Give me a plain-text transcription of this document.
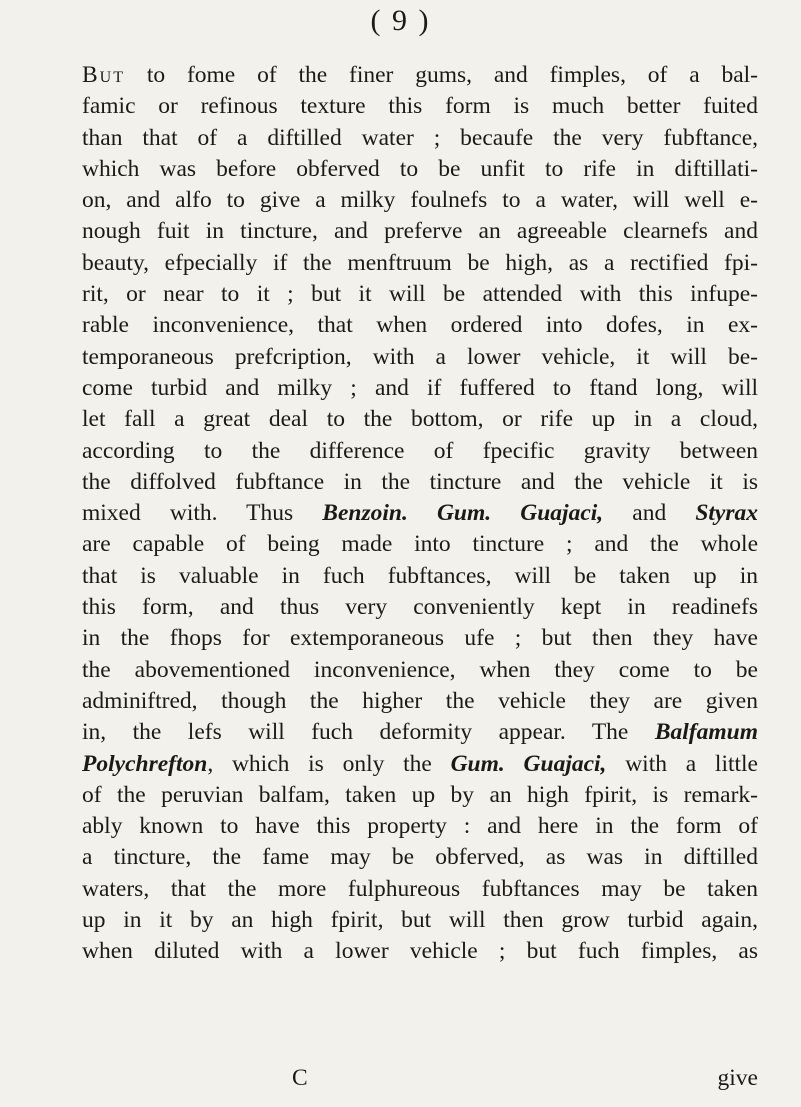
( 9 )
But to fome of the finer gums, and fimples, of a bal-
famic or refinous texture this form is much better fuited
than that of a diftilled water ; becaufe the very fubftance,
which was before obferved to be unfit to rife in diftillati-
on, and alfo to give a milky foulnefs to a water, will well e-
nough fuit in tincture, and preferve an agreeable clearnefs and
beauty, efpecially if the menftruum be high, as a rectified fpi-
rit, or near to it ; but it will be attended with this infupe-
rable inconvenience, that when ordered into dofes, in ex-
temporaneous prefcription, with a lower vehicle, it will be-
come turbid and milky ; and if fuffered to ftand long, will
let fall a great deal to the bottom, or rife up in a cloud,
according to the difference of fpecific gravity between
the diffolved fubftance in the tincture and the vehicle it is
mixed with. Thus Benzoin. Gum. Guajaci, and Styrax
are capable of being made into tincture ; and the whole
that is valuable in fuch fubftances, will be taken up in
this form, and thus very conveniently kept in readinefs
in the fhops for extemporaneous ufe ; but then they have
the abovementioned inconvenience, when they come to be
adminiftred, though the higher the vehicle they are given
in, the lefs will fuch deformity appear. The Balfamum
Polychrefton, which is only the Gum. Guajaci, with a little
of the peruvian balfam, taken up by an high fpirit, is remark-
ably known to have this property : and here in the form of
a tincture, the fame may be obferved, as was in diftilled
waters, that the more fulphureous fubftances may be taken
up in it by an high fpirit, but will then grow turbid again,
when diluted with a lower vehicle ; but fuch fimples, as
C	give
